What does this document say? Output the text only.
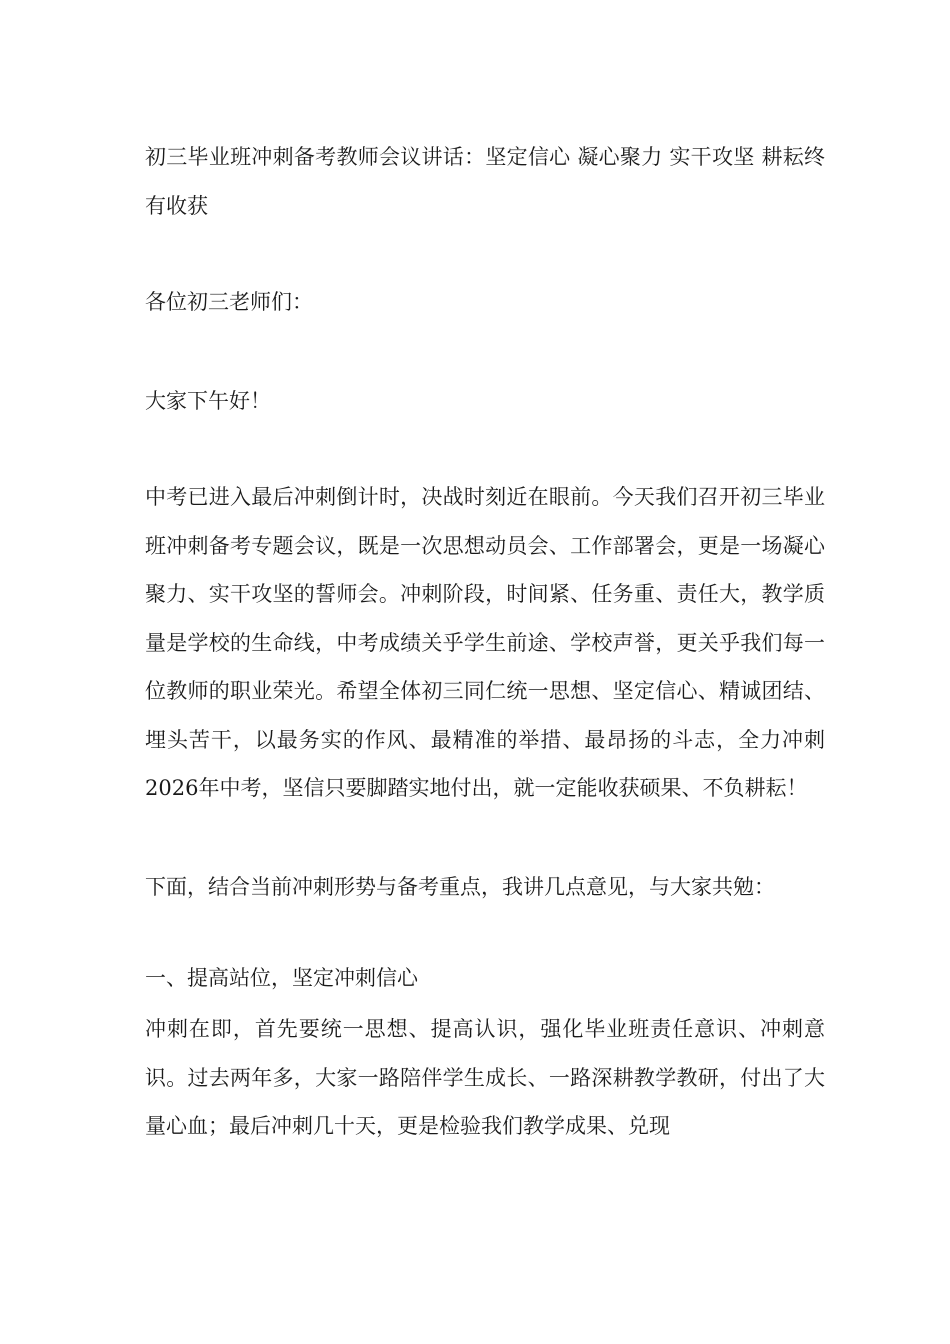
初三毕业班冲刺备考教师会议讲话：坚定信心 凝心聚力 实干攻坚 耕耘终有收获

各位初三老师们：

大家下午好！

中考已进入最后冲刺倒计时，决战时刻近在眼前。今天我们召开初三毕业班冲刺备考专题会议，既是一次思想动员会、工作部署会，更是一场凝心聚力、实干攻坚的誓师会。冲刺阶段，时间紧、任务重、责任大，教学质量是学校的生命线，中考成绩关乎学生前途、学校声誉，更关乎我们每一位教师的职业荣光。希望全体初三同仁统一思想、坚定信心、精诚团结、埋头苦干，以最务实的作风、最精准的举措、最昂扬的斗志，全力冲刺2026年中考，坚信只要脚踏实地付出，就一定能收获硕果、不负耕耘！

下面，结合当前冲刺形势与备考重点，我讲几点意见，与大家共勉：

一、提高站位，坚定冲刺信心

冲刺在即，首先要统一思想、提高认识，强化毕业班责任意识、冲刺意识。过去两年多，大家一路陪伴学生成长、一路深耕教学教研，付出了大量心血；最后冲刺几十天，更是检验我们教学成果、兑现
